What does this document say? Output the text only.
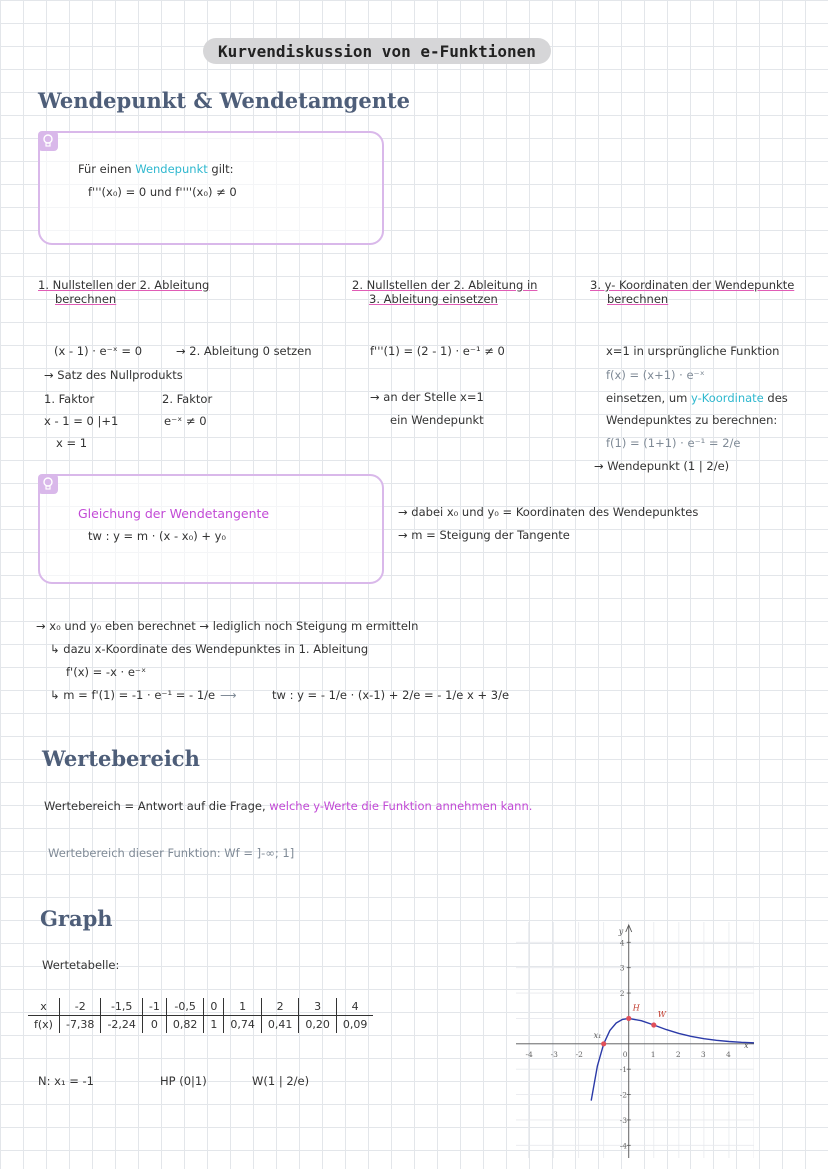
Kurvendiskussion von e-Funktionen
Wendepunkt & Wendetamgente
Für einen Wendepunkt gilt:
f'''(x₀) = 0 und f''''(x₀) ≠ 0
1. Nullstellen der 2. Ableitung
berechnen
(x - 1) · e⁻ˣ = 0	→ 2. Ableitung 0 setzen
→ Satz des Nullprodukts
1. Faktor
x - 1 = 0 |+1
x = 1
2. Faktor
e⁻ˣ ≠ 0
2. Nullstellen der 2. Ableitung in
3. Ableitung einsetzen
f'''(1) = (2 - 1) · e⁻¹ ≠ 0
→ an der Stelle x=1
ein Wendepunkt
3. y- Koordinaten der Wendepunkte
berechnen
x=1 in ursprüngliche Funktion
f(x) = (x+1) · e⁻ˣ
einsetzen, um y-Koordinate des
Wendepunktes zu berechnen:
f(1) = (1+1) · e⁻¹ = 2/e
→ Wendepunkt (1 | 2/e)
Gleichung der Wendetangente
tw : y = m · (x - x₀) + y₀
→ dabei x₀ und y₀ = Koordinaten des Wendepunktes
→ m = Steigung der Tangente
→ x₀ und y₀ eben berechnet → lediglich noch Steigung m ermitteln
↳ dazu x-Koordinate des Wendepunktes in 1. Ableitung
f'(x) = -x · e⁻ˣ
↳ m = f'(1) = -1 · e⁻¹ = - 1/e ⟶	tw : y = - 1/e · (x-1) + 2/e = - 1/e x + 3/e
Wertebereich
Wertebereich = Antwort auf die Frage, welche y-Werte die Funktion annehmen kann.
Wertebereich dieser Funktion: Wf = ]-∞; 1]
Graph
Wertetabelle:
x	-2	-1,5	-1	-0,5	0	1	2	3	4
f(x)	-7,38	-2,24	0	0,82	1	0,74	0,41	0,20	0,09
N: x₁ = -1	HP (0|1)	W(1 | 2/e)
x
y
-4 -3 -2	0	1	2	3	4
4
3
2
-1
-2
-3
-4
x₁
H
W
